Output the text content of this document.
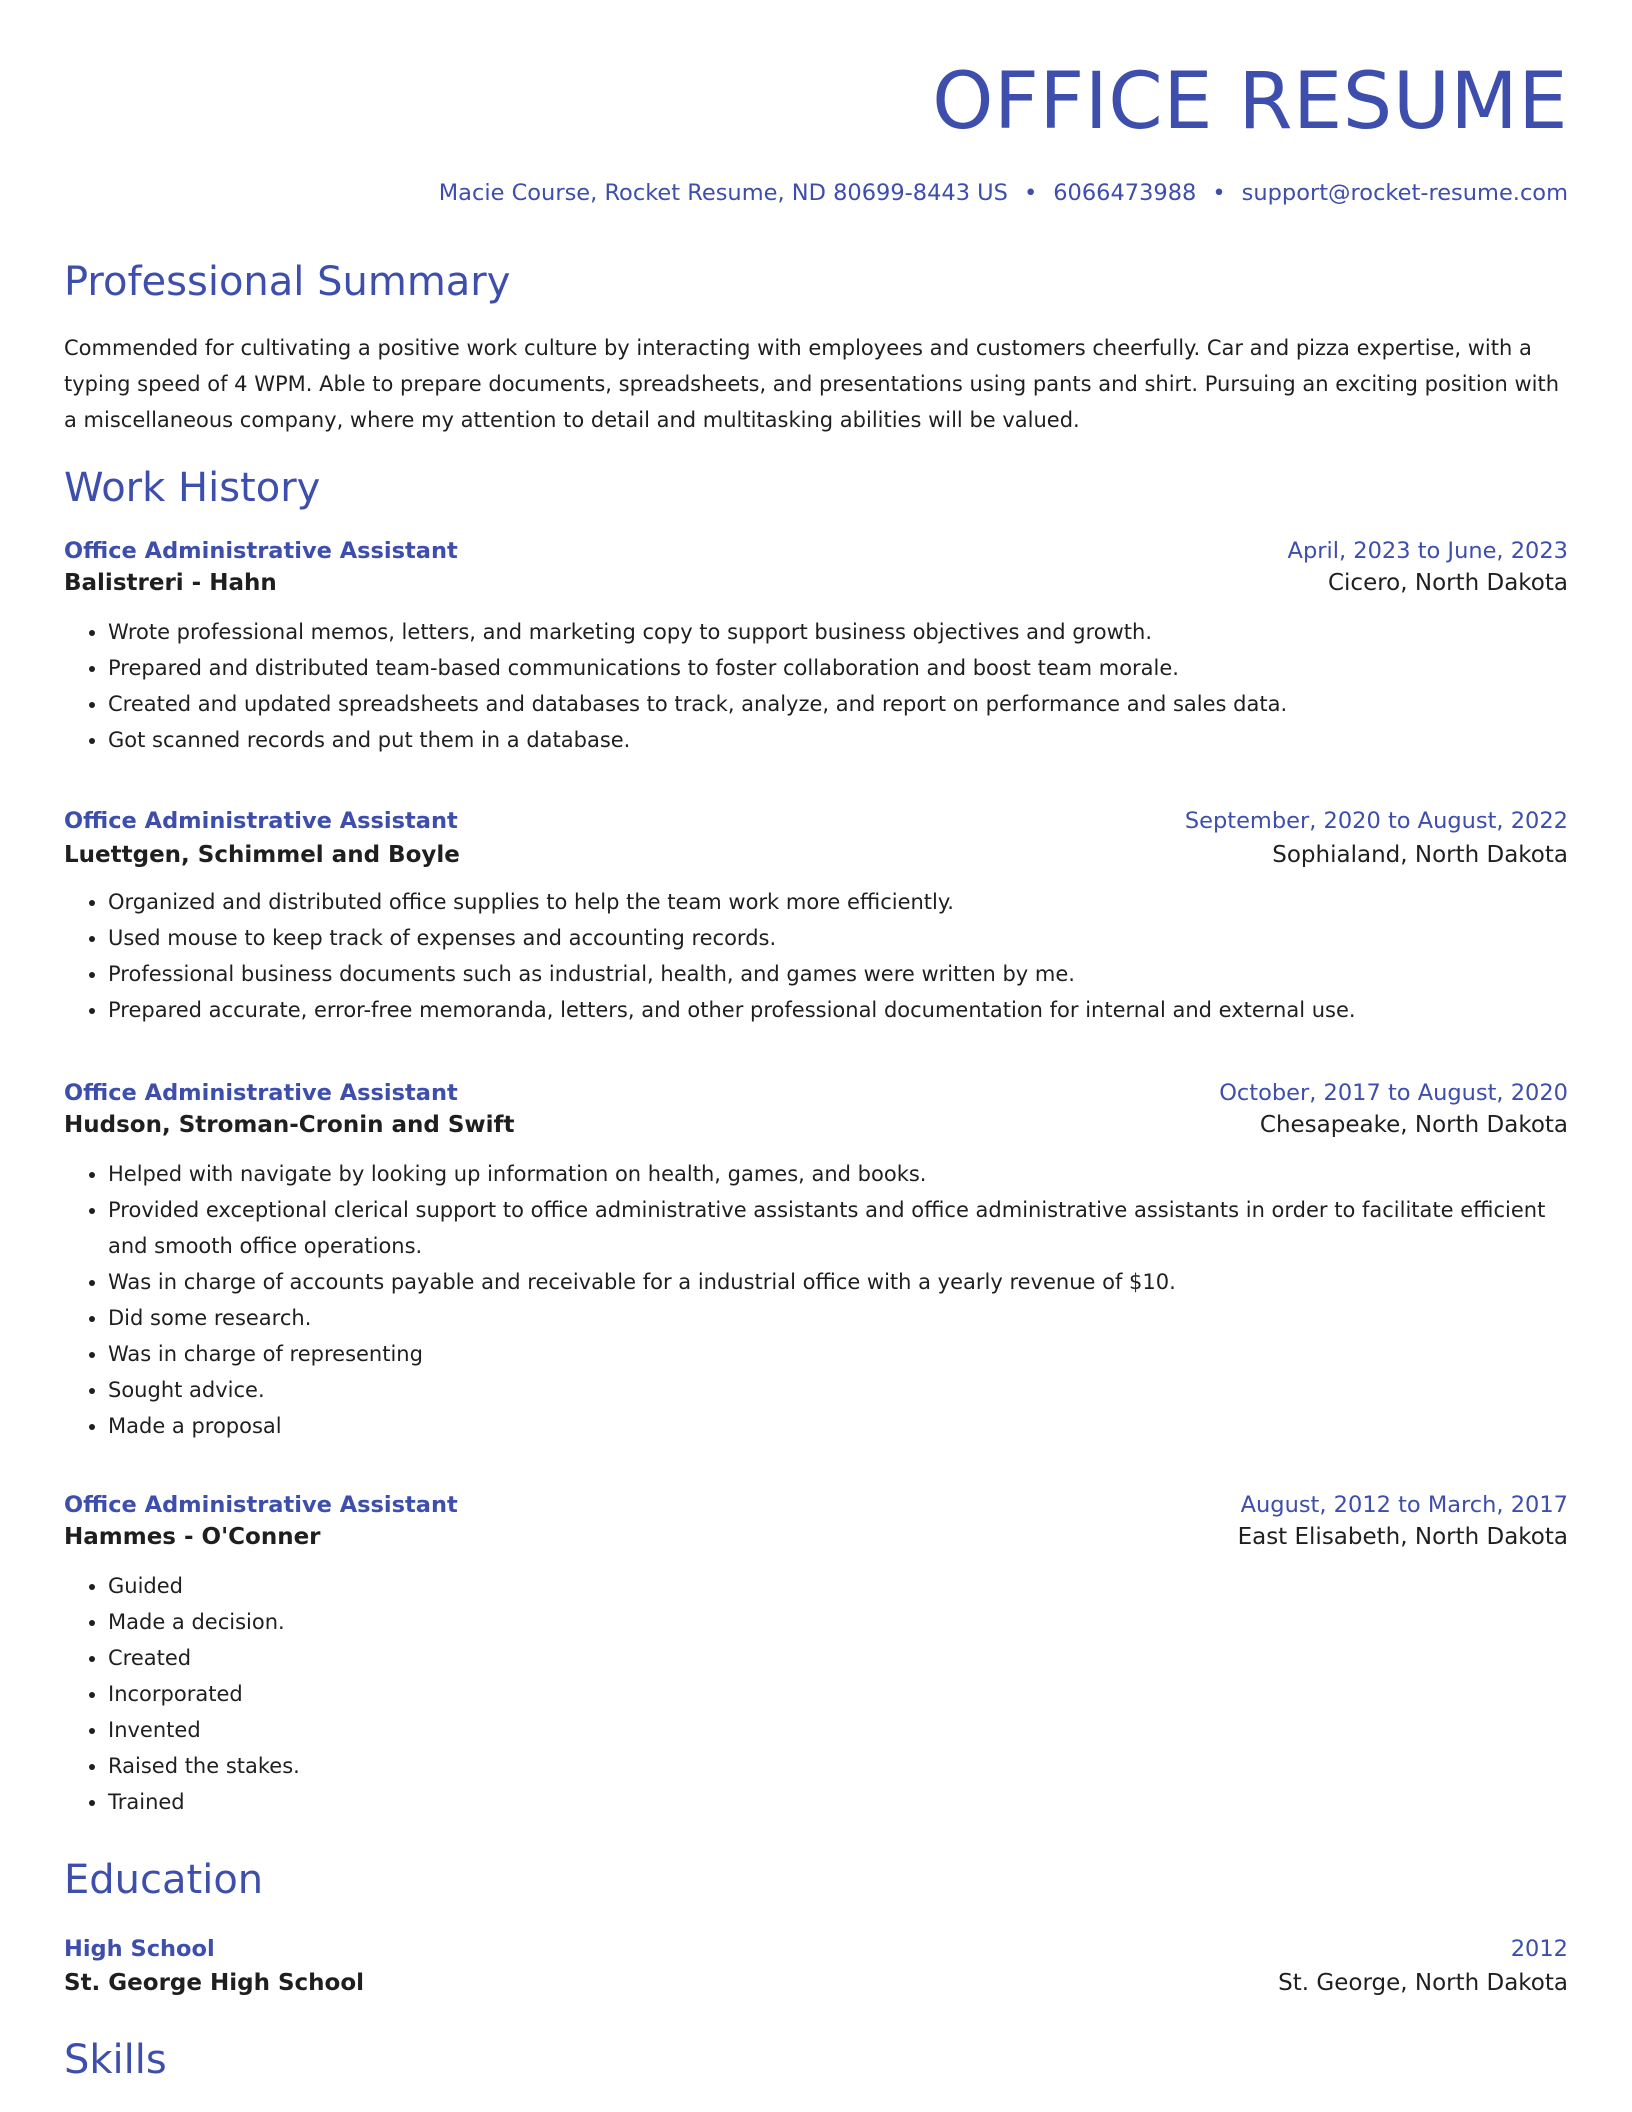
OFFICE RESUME
Macie Course, Rocket Resume, ND 80699-8443 US • 6066473988 • support@rocket-resume.com
Professional Summary

Commended for cultivating a positive work culture by interacting with employees and customers cheerfully. Car and pizza expertise, with a typing speed of 4 WPM. Able to prepare documents, spreadsheets, and presentations using pants and shirt. Pursuing an exciting position with a miscellaneous company, where my attention to detail and multitasking abilities will be valued.

Work History
Office Administrative Assistant	April, 2023 to June, 2023
Balistreri - Hahn	Cicero, North Dakota
• Wrote professional memos, letters, and marketing copy to support business objectives and growth.
• Prepared and distributed team-based communications to foster collaboration and boost team morale.
• Created and updated spreadsheets and databases to track, analyze, and report on performance and sales data.
• Got scanned records and put them in a database.
Office Administrative Assistant	September, 2020 to August, 2022
Luettgen, Schimmel and Boyle	Sophialand, North Dakota
• Organized and distributed office supplies to help the team work more efficiently.
• Used mouse to keep track of expenses and accounting records.
• Professional business documents such as industrial, health, and games were written by me.
• Prepared accurate, error-free memoranda, letters, and other professional documentation for internal and external use.
Office Administrative Assistant	October, 2017 to August, 2020
Hudson, Stroman-Cronin and Swift	Chesapeake, North Dakota
• Helped with navigate by looking up information on health, games, and books.
• Provided exceptional clerical support to office administrative assistants and office administrative assistants in order to facilitate efficient and smooth office operations.
• Was in charge of accounts payable and receivable for a industrial office with a yearly revenue of $10.
• Did some research.
• Was in charge of representing
• Sought advice.
• Made a proposal
Office Administrative Assistant	August, 2012 to March, 2017
Hammes - O'Conner	East Elisabeth, North Dakota
• Guided
• Made a decision.
• Created
• Incorporated
• Invented
• Raised the stakes.
• Trained
Education
High School	2012
St. George High School	St. George, North Dakota
Skills
